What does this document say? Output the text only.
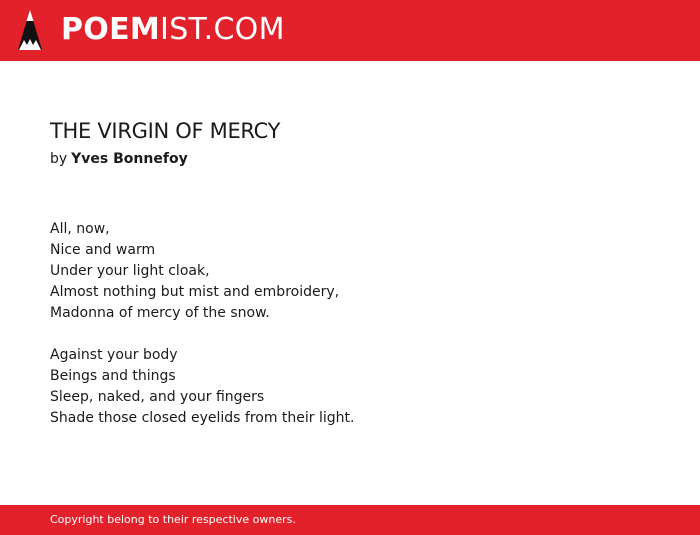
POEMIST.COM
THE VIRGIN OF MERCY
by Yves Bonnefoy
All, now,
Nice and warm
Under your light cloak,
Almost nothing but mist and embroidery,
Madonna of mercy of the snow.
Against your body
Beings and things
Sleep, naked, and your fingers
Shade those closed eyelids from their light.
Copyright belong to their respective owners.
